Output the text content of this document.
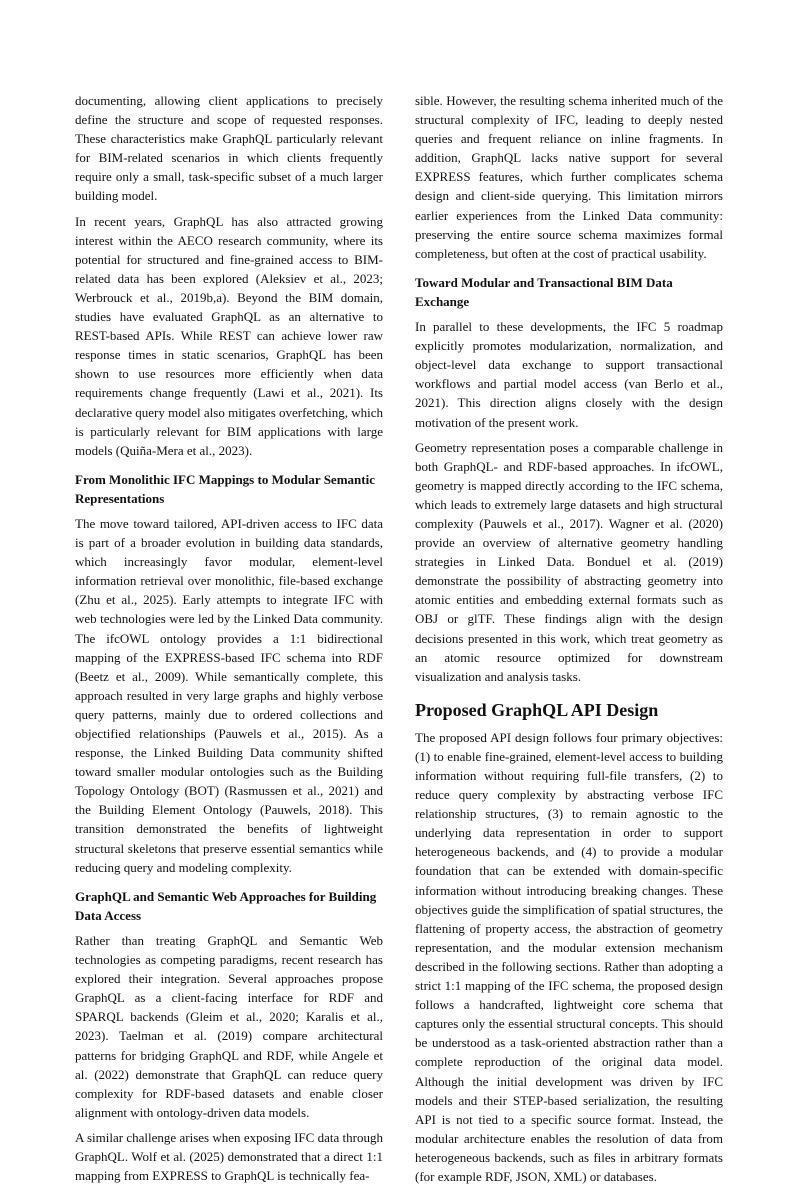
documenting, allowing client applications to precisely define the structure and scope of requested responses. These characteristics make GraphQL particularly relevant for BIM-related scenarios in which clients frequently require only a small, task-specific subset of a much larger building model.

In recent years, GraphQL has also attracted growing interest within the AECO research community, where its potential for structured and fine-grained access to BIM-related data has been explored (Aleksiev et al., 2023; Werbrouck et al., 2019b,a). Beyond the BIM domain, studies have evaluated GraphQL as an alternative to REST-based APIs. While REST can achieve lower raw response times in static scenarios, GraphQL has been shown to use resources more efficiently when data requirements change frequently (Lawi et al., 2021). Its declarative query model also mitigates overfetching, which is particularly relevant for BIM applications with large models (Quiña-Mera et al., 2023).

From Monolithic IFC Mappings to Modular Semantic Representations

The move toward tailored, API-driven access to IFC data is part of a broader evolution in building data standards, which increasingly favor modular, element-level information retrieval over monolithic, file-based exchange (Zhu et al., 2025). Early attempts to integrate IFC with web technologies were led by the Linked Data community. The ifcOWL ontology provides a 1:1 bidirectional mapping of the EXPRESS-based IFC schema into RDF (Beetz et al., 2009). While semantically complete, this approach resulted in very large graphs and highly verbose query patterns, mainly due to ordered collections and objectified relationships (Pauwels et al., 2015). As a response, the Linked Building Data community shifted toward smaller modular ontologies such as the Building Topology Ontology (BOT) (Rasmussen et al., 2021) and the Building Element Ontology (Pauwels, 2018). This transition demonstrated the benefits of lightweight structural skeletons that preserve essential semantics while reducing query and modeling complexity.

GraphQL and Semantic Web Approaches for Building Data Access

Rather than treating GraphQL and Semantic Web technologies as competing paradigms, recent research has explored their integration. Several approaches propose GraphQL as a client-facing interface for RDF and SPARQL backends (Gleim et al., 2020; Karalis et al., 2023). Taelman et al. (2019) compare architectural patterns for bridging GraphQL and RDF, while Angele et al. (2022) demonstrate that GraphQL can reduce query complexity for RDF-based datasets and enable closer alignment with ontology-driven data models.

A similar challenge arises when exposing IFC data through GraphQL. Wolf et al. (2025) demonstrated that a direct 1:1 mapping from EXPRESS to GraphQL is technically fea-

sible. However, the resulting schema inherited much of the structural complexity of IFC, leading to deeply nested queries and frequent reliance on inline fragments. In addition, GraphQL lacks native support for several EXPRESS features, which further complicates schema design and client-side querying. This limitation mirrors earlier experiences from the Linked Data community: preserving the entire source schema maximizes formal completeness, but often at the cost of practical usability.

Toward Modular and Transactional BIM Data Exchange

In parallel to these developments, the IFC 5 roadmap explicitly promotes modularization, normalization, and object-level data exchange to support transactional workflows and partial model access (van Berlo et al., 2021). This direction aligns closely with the design motivation of the present work.

Geometry representation poses a comparable challenge in both GraphQL- and RDF-based approaches. In ifcOWL, geometry is mapped directly according to the IFC schema, which leads to extremely large datasets and high structural complexity (Pauwels et al., 2017). Wagner et al. (2020) provide an overview of alternative geometry handling strategies in Linked Data. Bonduel et al. (2019) demonstrate the possibility of abstracting geometry into atomic entities and embedding external formats such as OBJ or glTF. These findings align with the design decisions presented in this work, which treat geometry as an atomic resource optimized for downstream visualization and analysis tasks.

Proposed GraphQL API Design

The proposed API design follows four primary objectives: (1) to enable fine-grained, element-level access to building information without requiring full-file transfers, (2) to reduce query complexity by abstracting verbose IFC relationship structures, (3) to remain agnostic to the underlying data representation in order to support heterogeneous backends, and (4) to provide a modular foundation that can be extended with domain-specific information without introducing breaking changes. These objectives guide the simplification of spatial structures, the flattening of property access, the abstraction of geometry representation, and the modular extension mechanism described in the following sections. Rather than adopting a strict 1:1 mapping of the IFC schema, the proposed design follows a handcrafted, lightweight core schema that captures only the essential structural concepts. This should be understood as a task-oriented abstraction rather than a complete reproduction of the original data model. Although the initial development was driven by IFC models and their STEP-based serialization, the resulting API is not tied to a specific source format. Instead, the modular architecture enables the resolution of data from heterogeneous backends, such as files in arbitrary formats (for example RDF, JSON, XML) or databases.
